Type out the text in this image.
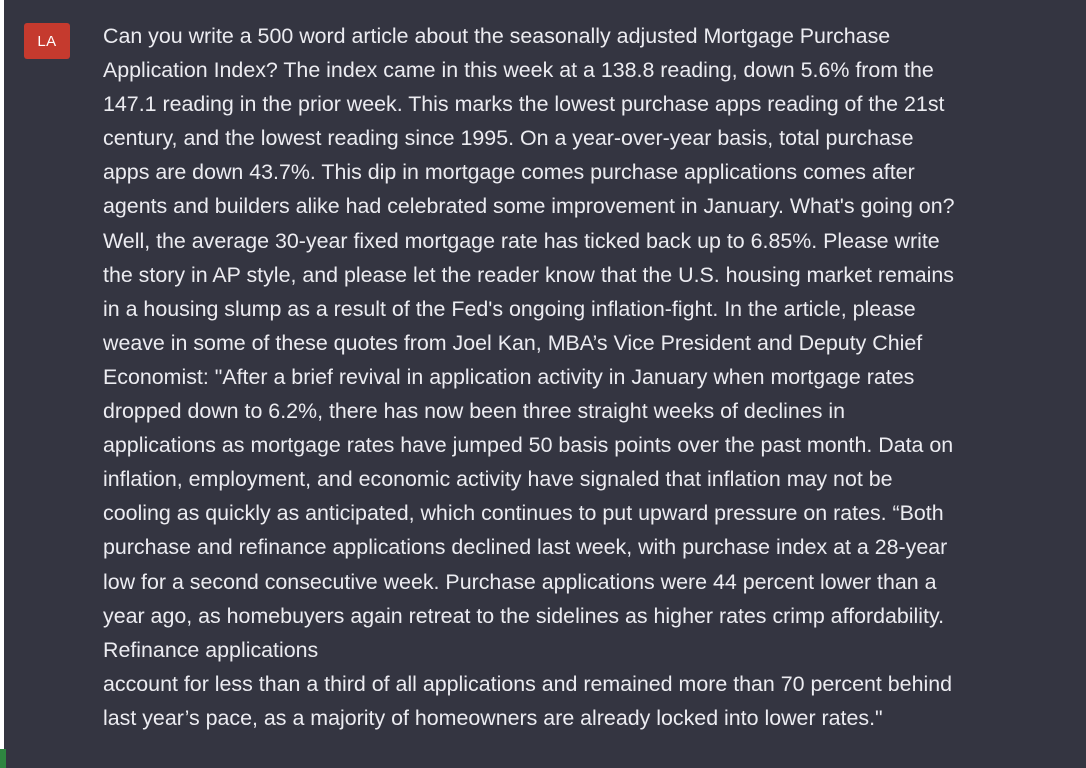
LA Can you write a 500 word article about the seasonally adjusted Mortgage Purchase
Application Index? The index came in this week at a 138.8 reading, down 5.6% from the
147.1 reading in the prior week. This marks the lowest purchase apps reading of the 21st
century, and the lowest reading since 1995. On a year-over-year basis, total purchase
apps are down 43.7%. This dip in mortgage comes purchase applications comes after
agents and builders alike had celebrated some improvement in January. What's going on?
Well, the average 30-year fixed mortgage rate has ticked back up to 6.85%. Please write
the story in AP style, and please let the reader know that the U.S. housing market remains
in a housing slump as a result of the Fed's ongoing inflation-fight. In the article, please
weave in some of these quotes from Joel Kan, MBA’s Vice President and Deputy Chief
Economist: "After a brief revival in application activity in January when mortgage rates
dropped down to 6.2%, there has now been three straight weeks of declines in
applications as mortgage rates have jumped 50 basis points over the past month. Data on
inflation, employment, and economic activity have signaled that inflation may not be
cooling as quickly as anticipated, which continues to put upward pressure on rates. “Both
purchase and refinance applications declined last week, with purchase index at a 28-year
low for a second consecutive week. Purchase applications were 44 percent lower than a
year ago, as homebuyers again retreat to the sidelines as higher rates crimp affordability.
Refinance applications
account for less than a third of all applications and remained more than 70 percent behind
last year’s pace, as a majority of homeowners are already locked into lower rates."
